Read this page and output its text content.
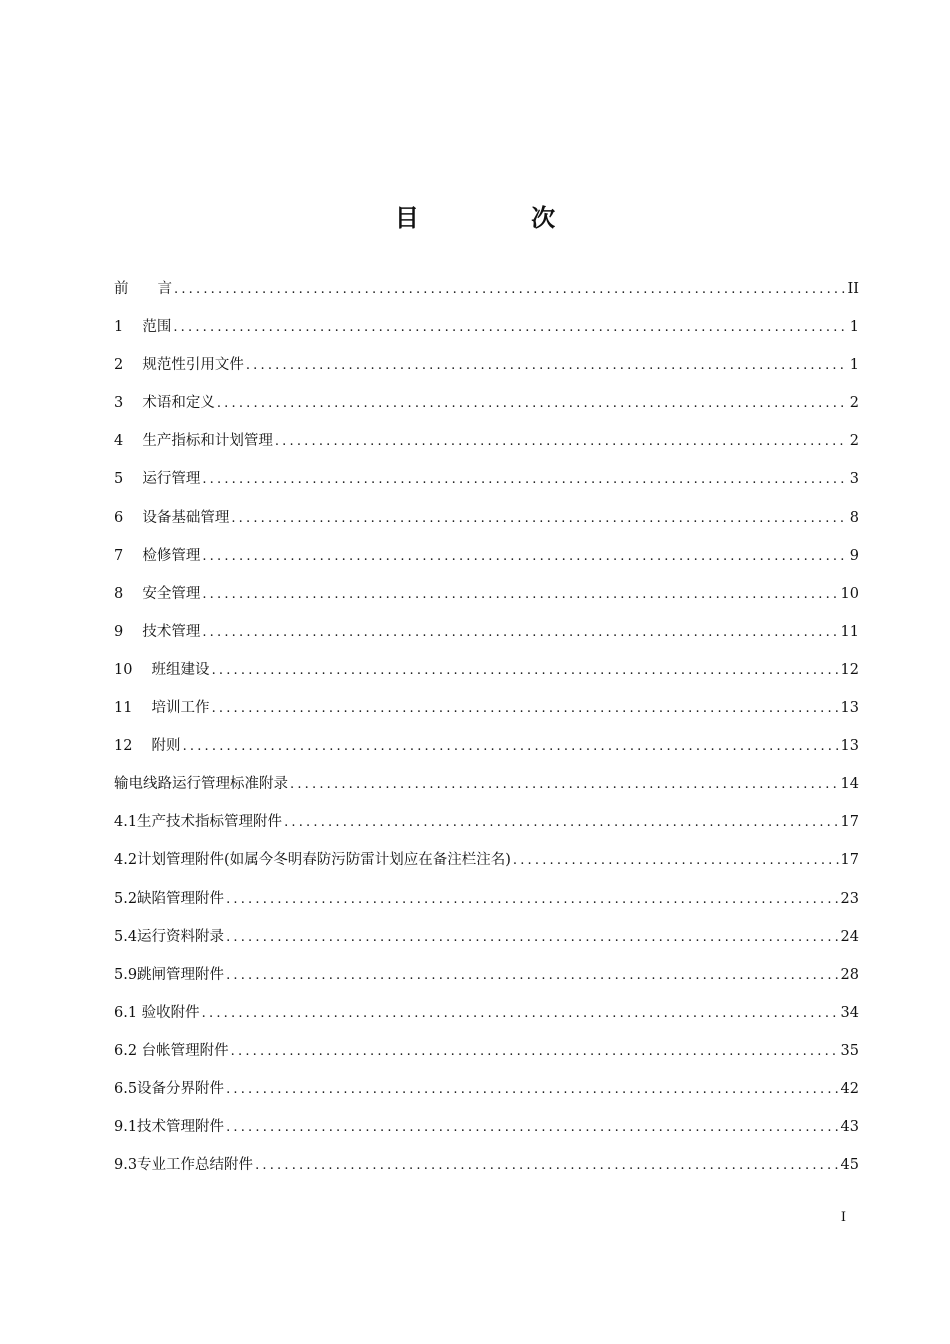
目 次
前　　言 .....	II
1　 范围 .....	1
2　 规范性引用文件 .....	1
3　 术语和定义 .....	2
4　 生产指标和计划管理 .....	2
5　 运行管理 .....	3
6　 设备基础管理 .....	8
7　 检修管理 .....	9
8　 安全管理 .....	10
9　 技术管理 .....	11
10　 班组建设 .....	12
11　 培训工作 .....	13
12　 附则 .....	13
输电线路运行管理标准附录 .....	14
4.1生产技术指标管理附件 .....	17
4.2计划管理附件(如属今冬明春防污防雷计划应在备注栏注名) .....	17
5.2缺陷管理附件 .....	23
5.4运行资料附录 .....	24
5.9跳闸管理附件 .....	28
6.1 验收附件 .....	34
6.2 台帐管理附件 .....	35
6.5设备分界附件 .....	42
9.1技术管理附件 .....	43
9.3专业工作总结附件 .....	45
I
